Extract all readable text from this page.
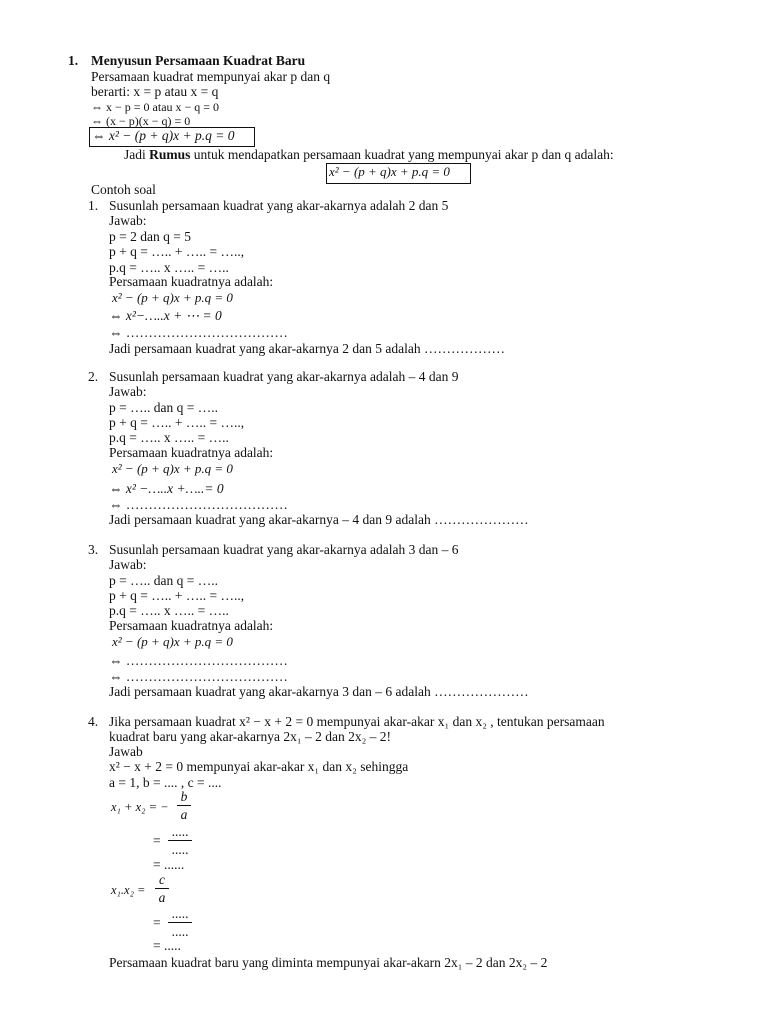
1. Menyusun Persamaan Kuadrat Baru
Persamaan kuadrat mempunyai akar p dan q
berarti: x = p atau x = q
⇔ x − p = 0 atau x − q = 0
⇔ (x − p)(x − q) = 0
⇔ x² − (p + q)x + p.q = 0
Jadi Rumus untuk mendapatkan persamaan kuadrat yang mempunyai akar p dan q adalah:
x² − (p + q)x + p.q = 0
Contoh soal
1. Susunlah persamaan kuadrat yang akar-akarnya adalah 2 dan 5
Jawab:
p = 2 dan q = 5
p + q = ….. + ….. = …..,
p.q = ….. x ….. = …..
Persamaan kuadratnya adalah:
x² − (p + q)x + p.q = 0
⇔ x²−…..x + ⋯ = 0
⇔ ………………………………
Jadi persamaan kuadrat yang akar-akarnya 2 dan 5 adalah ………………
2. Susunlah persamaan kuadrat yang akar-akarnya adalah – 4 dan 9
Jawab:
p = ….. dan q = …..
p + q = ….. + ….. = …..,
p.q = ….. x ….. = …..
Persamaan kuadratnya adalah:
x² − (p + q)x + p.q = 0
⇔ x² −…..x +…..= 0
⇔ ………………………………
Jadi persamaan kuadrat yang akar-akarnya – 4 dan 9 adalah …………………
3. Susunlah persamaan kuadrat yang akar-akarnya adalah 3 dan – 6
Jawab:
p = ….. dan q = …..
p + q = ….. + ….. = …..,
p.q = ….. x ….. = …..
Persamaan kuadratnya adalah:
x² − (p + q)x + p.q = 0
⇔ ………………………………
⇔ ………………………………
Jadi persamaan kuadrat yang akar-akarnya 3 dan – 6 adalah …………………
4. Jika persamaan kuadrat x² − x + 2 = 0 mempunyai akar-akar x₁ dan x₂ , tentukan persamaan
kuadrat baru yang akar-akarnya 2x₁ – 2 dan 2x₂ – 2!
Jawab
x² − x + 2 = 0 mempunyai akar-akar x₁ dan x₂ sehingga
a = 1, b = .... , c = ....
x₁ + x₂ = −
b
a
=
.....
.....
= ......
x₁.x₂ =
c
a
=
.....
.....
= .....
Persamaan kuadrat baru yang diminta mempunyai akar-akarn 2x₁ – 2 dan 2x₂ – 2
